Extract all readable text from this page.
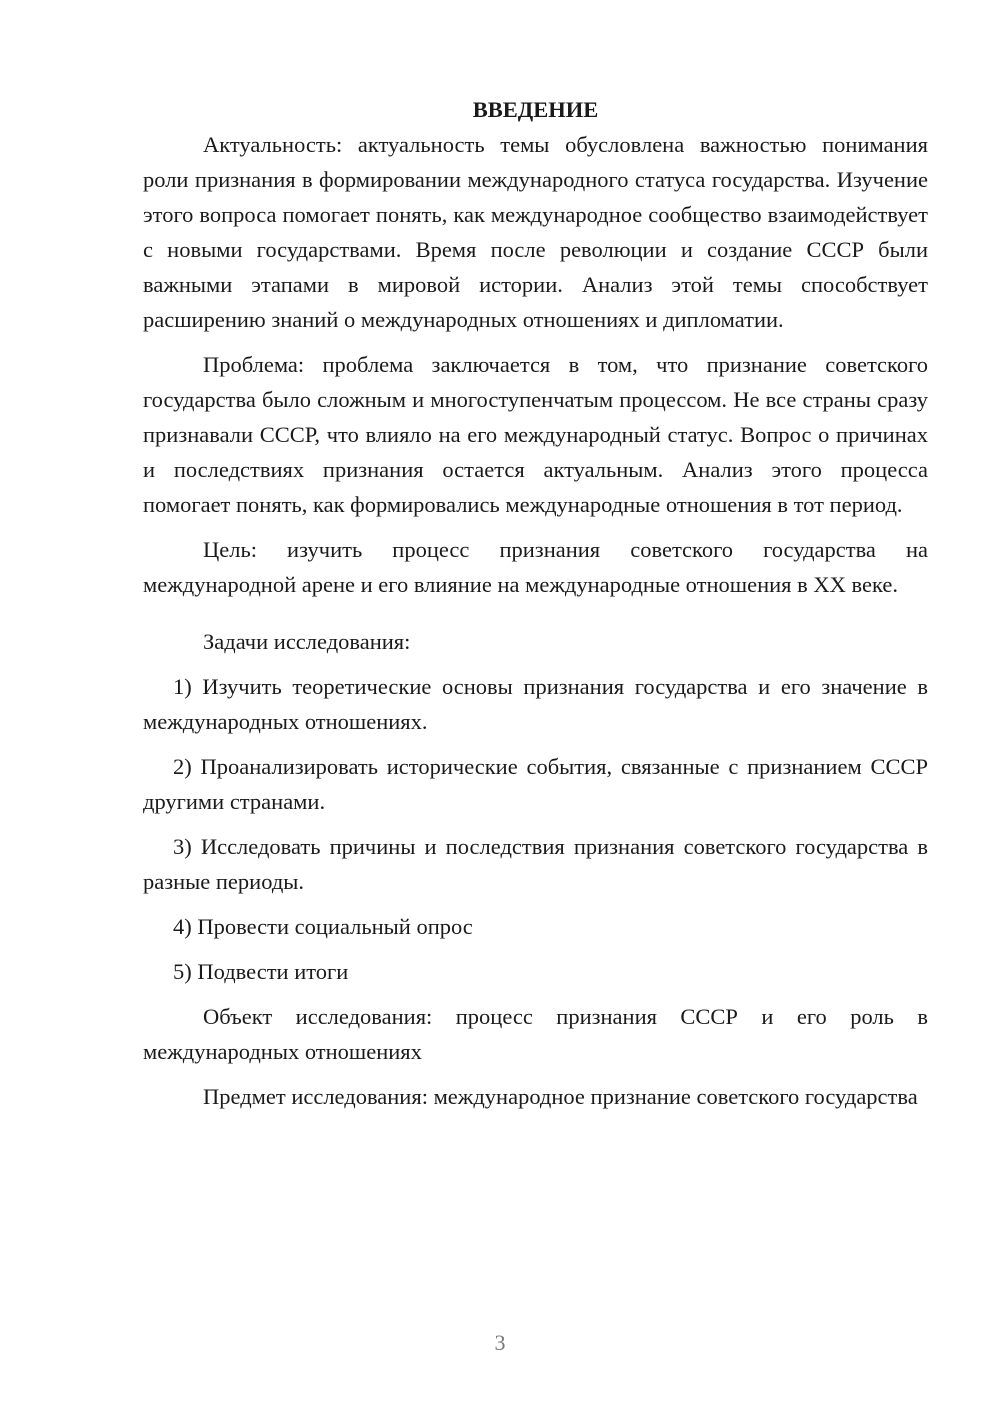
ВВЕДЕНИЕ

Актуальность: актуальность темы обусловлена важностью понимания роли признания в формировании международного статуса государства. Изучение этого вопроса помогает понять, как международное сообщество взаимодействует с новыми государствами. Время после революции и создание СССР были важными этапами в мировой истории. Анализ этой темы способствует расширению знаний о международных отношениях и дипломатии.

Проблема: проблема заключается в том, что признание советского государства было сложным и многоступенчатым процессом. Не все страны сразу признавали СССР, что влияло на его международный статус. Вопрос о причинах и последствиях признания остается актуальным. Анализ этого процесса помогает понять, как формировались международные отношения в тот период.

Цель: изучить процесс признания советского государства на международной арене и его влияние на международные отношения в XX веке.

Задачи исследования:

1) Изучить теоретические основы признания государства и его значение в международных отношениях.

2) Проанализировать исторические события, связанные с признанием СССР другими странами.

3) Исследовать причины и последствия признания советского государства в разные периоды.

4) Провести социальный опрос

5) Подвести итоги

Объект исследования: процесс признания СССР и его роль в международных отношениях

Предмет исследования: международное признание советского государства

3
